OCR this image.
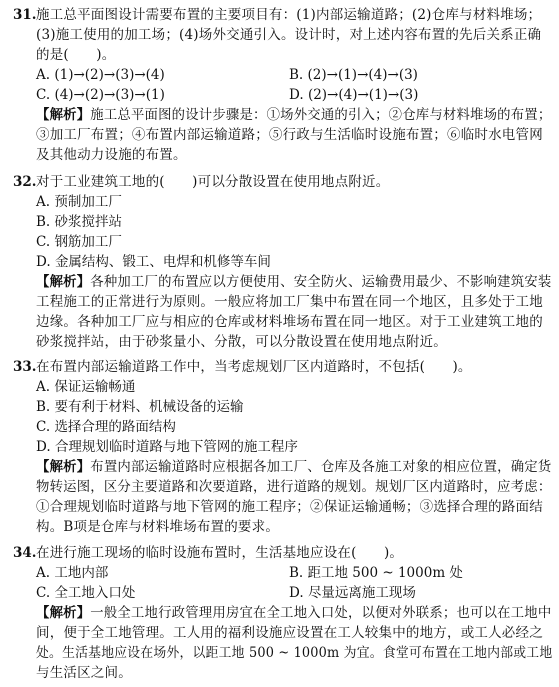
31. 施工总平面图设计需要布置的主要项目有：(1)内部运输道路；(2)仓库与材料堆场；
(3)施工使用的加工场；(4)场外交通引入。设计时，对上述内容布置的先后关系正确
的是(　　)。
A. (1)→(2)→(3)→(4)	B. (2)→(1)→(4)→(3)
C. (4)→(2)→(3)→(1)	D. (2)→(4)→(1)→(3)
【解析】施工总平面图的设计步骤是：①场外交通的引入；②仓库与材料堆场的布置；
③加工厂布置；④布置内部运输道路；⑤行政与生活临时设施布置；⑥临时水电管网
及其他动力设施的布置。
32. 对于工业建筑工地的(　　)可以分散设置在使用地点附近。
A. 预制加工厂
B. 砂浆搅拌站
C. 钢筋加工厂
D. 金属结构、锻工、电焊和机修等车间
【解析】各种加工厂的布置应以方便使用、安全防火、运输费用最少、不影响建筑安装
工程施工的正常进行为原则。一般应将加工厂集中布置在同一个地区，且多处于工地
边缘。各种加工厂应与相应的仓库或材料堆场布置在同一地区。对于工业建筑工地的
砂浆搅拌站，由于砂浆量小、分散，可以分散设置在使用地点附近。
33. 在布置内部运输道路工作中，当考虑规划厂区内道路时，不包括(　　)。
A. 保证运输畅通
B. 要有利于材料、机械设备的运输
C. 选择合理的路面结构
D. 合理规划临时道路与地下管网的施工程序
【解析】布置内部运输道路时应根据各加工厂、仓库及各施工对象的相应位置，确定货
物转运图，区分主要道路和次要道路，进行道路的规划。规划厂区内道路时，应考虑：
①合理规划临时道路与地下管网的施工程序；②保证运输通畅；③选择合理的路面结
构。B项是仓库与材料堆场布置的要求。
34. 在进行施工现场的临时设施布置时，生活基地应设在(　　)。
A. 工地内部	B. 距工地 500 ~ 1000m 处
C. 全工地入口处	D. 尽量远离施工现场
【解析】一般全工地行政管理用房宜在全工地入口处，以便对外联系；也可以在工地中
间，便于全工地管理。工人用的福利设施应设置在工人较集中的地方，或工人必经之
处。生活基地应设在场外，以距工地 500 ~ 1000m 为宜。食堂可布置在工地内部或工地
与生活区之间。
